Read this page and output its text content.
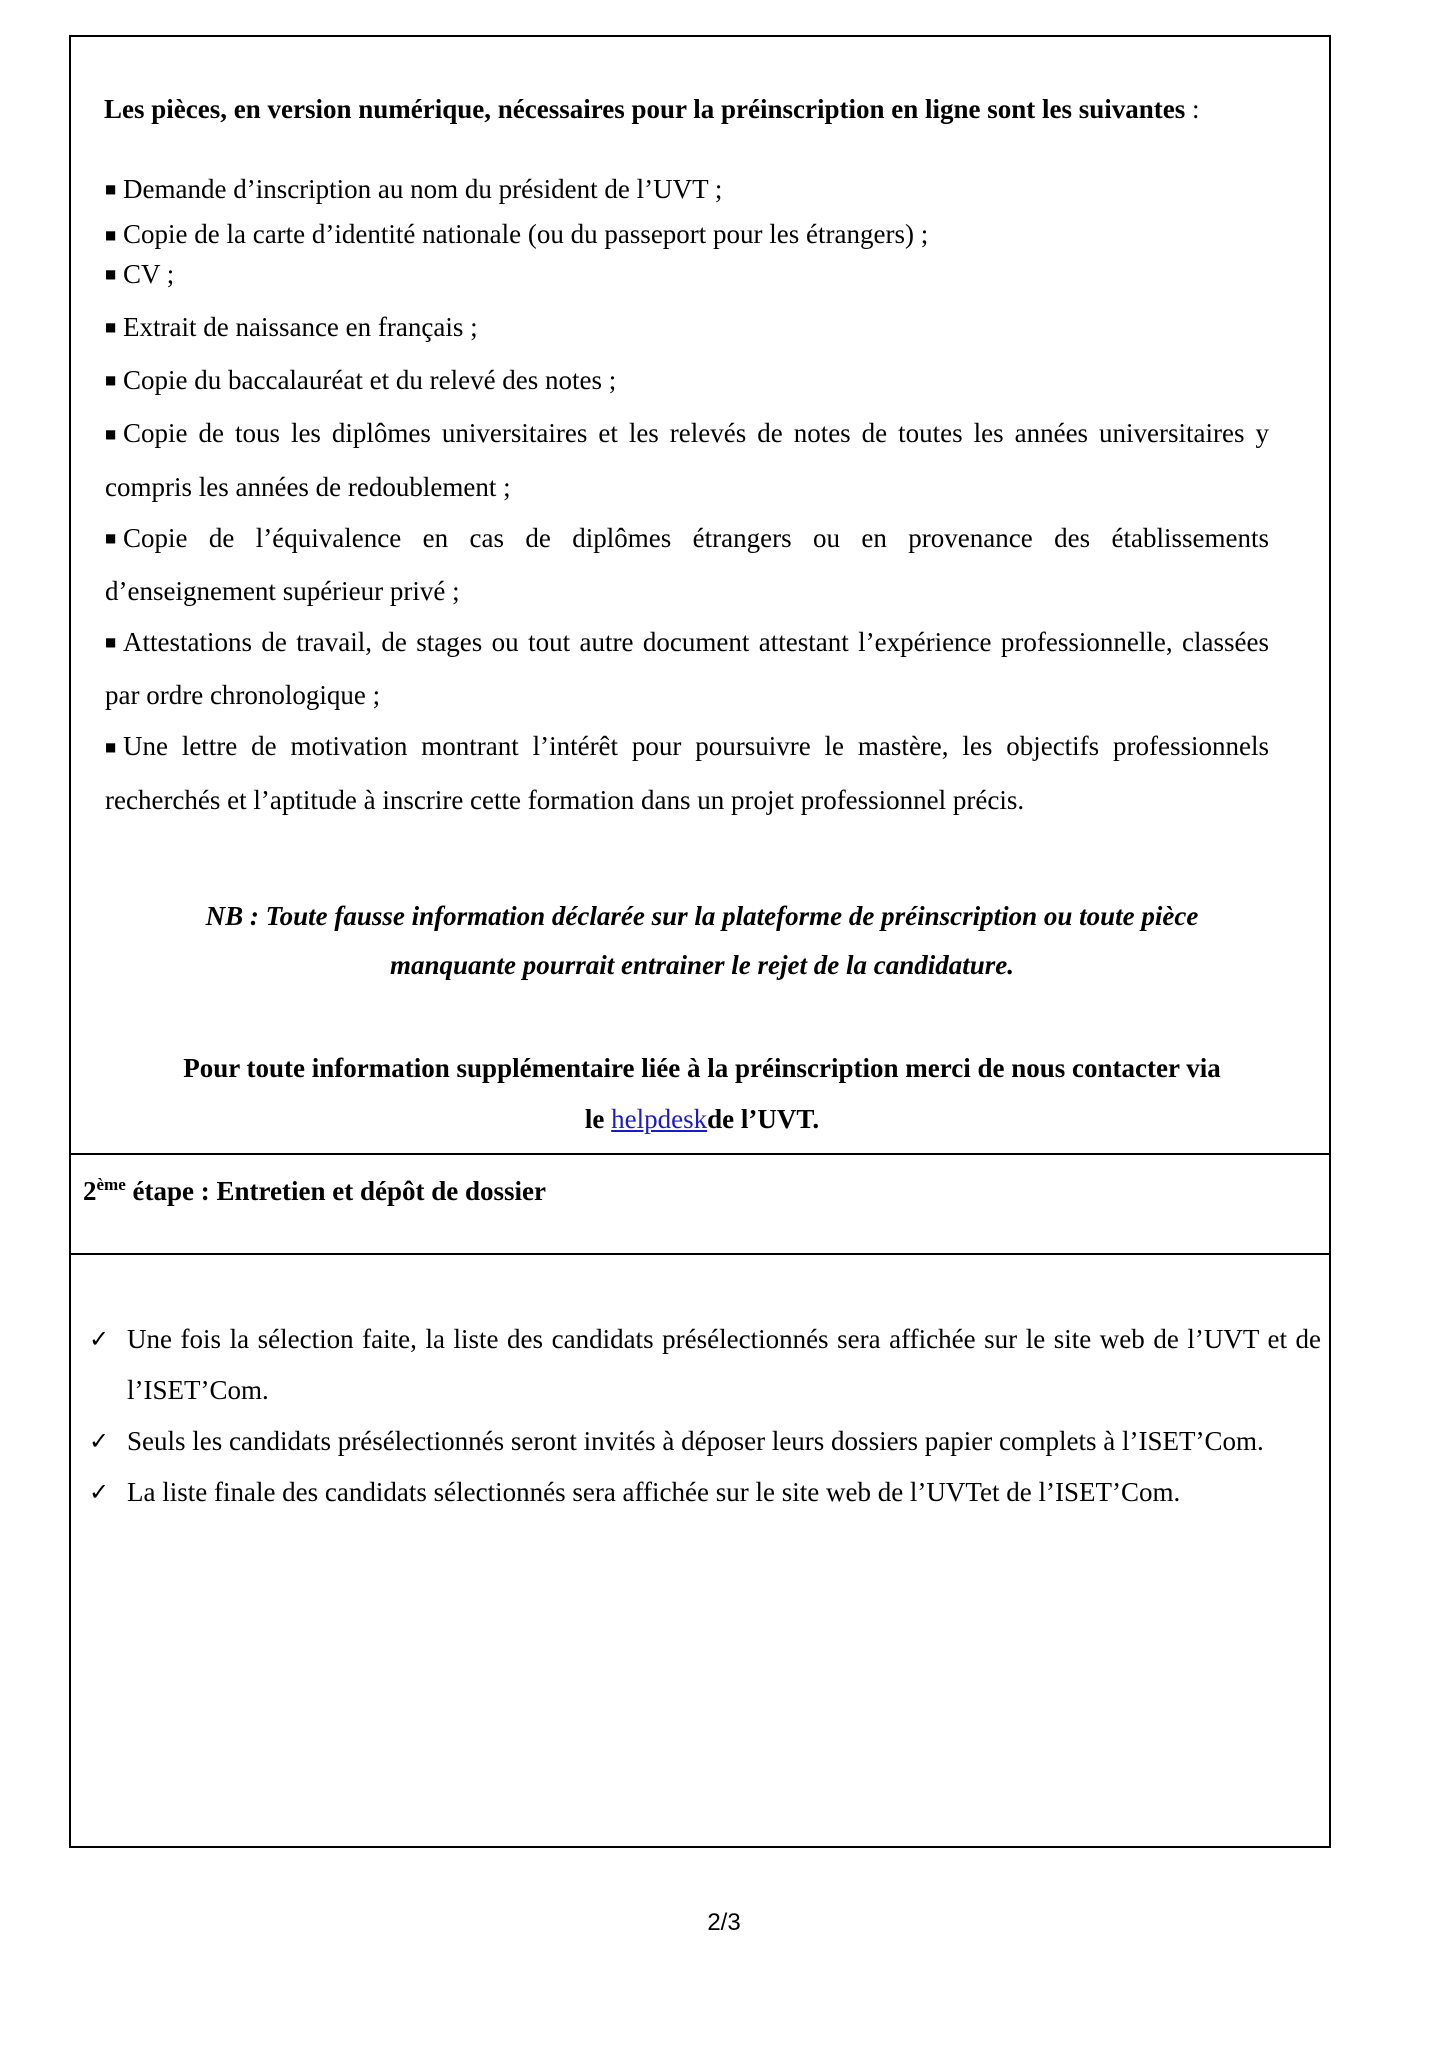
Les pièces, en version numérique, nécessaires pour la préinscription en ligne sont les suivantes :
■ Demande d’inscription au nom du président de l’UVT ;
■ Copie de la carte d’identité nationale (ou du passeport pour les étrangers) ;
■ CV ;
■ Extrait de naissance en français ;
■ Copie du baccalauréat et du relevé des notes ;
■ Copie de tous les diplômes universitaires et les relevés de notes de toutes les années universitaires y compris les années de redoublement ;
■ Copie de l’équivalence en cas de diplômes étrangers ou en provenance des établissements d’enseignement supérieur privé ;
■ Attestations de travail, de stages ou tout autre document attestant l’expérience professionnelle, classées par ordre chronologique ;
■ Une lettre de motivation montrant l’intérêt pour poursuivre le mastère, les objectifs professionnels recherchés et l’aptitude à inscrire cette formation dans un projet professionnel précis.
NB : Toute fausse information déclarée sur la plateforme de préinscription ou toute pièce
manquante pourrait entrainer le rejet de la candidature.
Pour toute information supplémentaire liée à la préinscription merci de nous contacter via
le helpdeskde l’UVT.
2ème étape : Entretien et dépôt de dossier
✓ Une fois la sélection faite, la liste des candidats présélectionnés sera affichée sur le site web de l’UVT et de l’ISET’Com.
✓ Seuls les candidats présélectionnés seront invités à déposer leurs dossiers papier complets à l’ISET’Com.
✓ La liste finale des candidats sélectionnés sera affichée sur le site web de l’UVTet de l’ISET’Com.
2/3
